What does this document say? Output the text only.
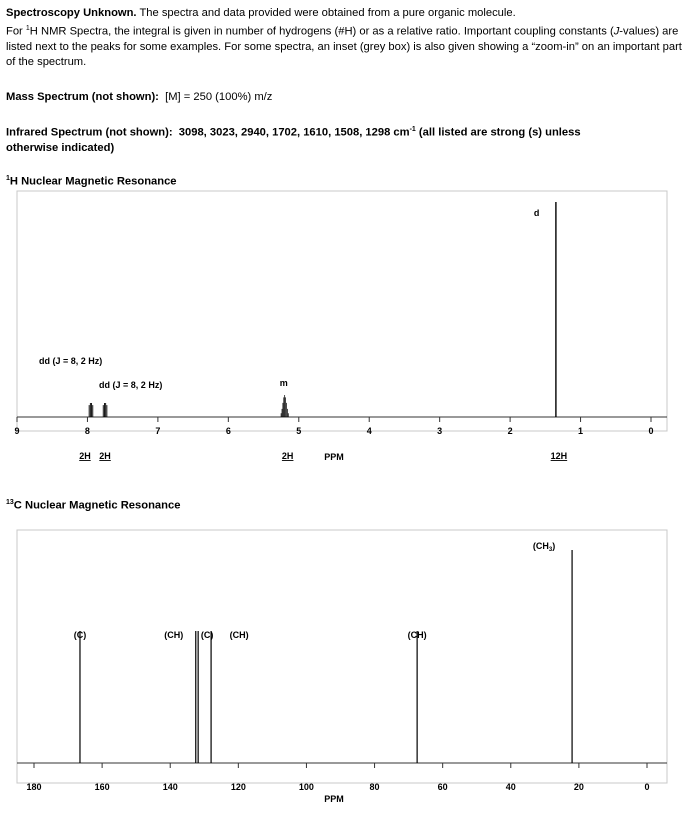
Spectroscopy Unknown. The spectra and data provided were obtained from a pure organic molecule.
For $^1$H NMR Spectra, the integral is given in number of hydrogens (#H) or as a relative ratio. Important coupling constants (J-values) are listed next to the peaks for some examples. For some spectra, an inset (grey box) is also given showing a “zoom-in” on an important part of the spectrum.
Mass Spectrum (not shown): [M] = 250 (100%) m/z
Infrared Spectrum (not shown): 3098, 3023, 2940, 1702, 1610, 1508, 1298 $cm^{-1}$ (all listed are strong (s) unless otherwise indicated)
$^1$H Nuclear Magnetic Resonance
dd (J = 8, 2 Hz)
dd (J = 8, 2 Hz)	m
d
2H 2H	2H	12H
9	8	7	6	5	4	3	2	1	0
PPM
$^{13}$C Nuclear Magnetic Resonance
(C)	(CH) (C) (CH)	(CH)
$(CH_3)$
180	160	140	120	100	80	60	40	20	0
PPM
